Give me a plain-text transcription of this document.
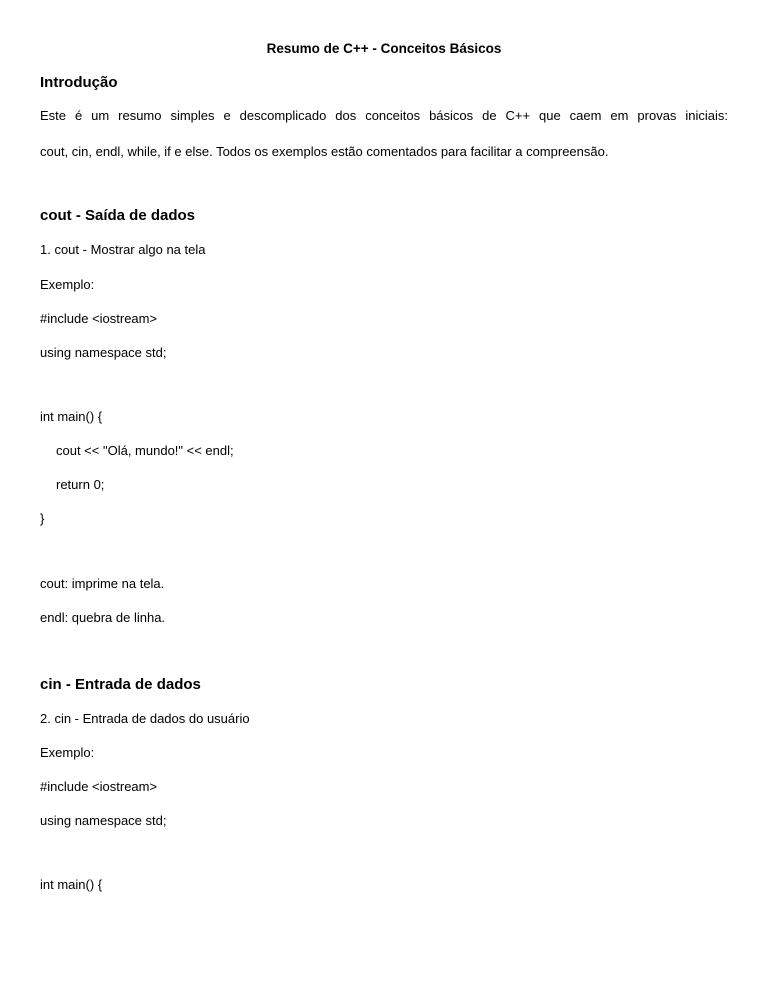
Resumo de C++ - Conceitos Básicos

Introdução

Este é um resumo simples e descomplicado dos conceitos básicos de C++ que caem em provas iniciais:

cout, cin, endl, while, if e else. Todos os exemplos estão comentados para facilitar a compreensão.

cout - Saída de dados

1. cout - Mostrar algo na tela

Exemplo:

#include <iostream>

using namespace std;

int main() {

cout << "Olá, mundo!" << endl;

return 0;

}

cout: imprime na tela.

endl: quebra de linha.

cin - Entrada de dados

2. cin - Entrada de dados do usuário

Exemplo:

#include <iostream>

using namespace std;

int main() {
